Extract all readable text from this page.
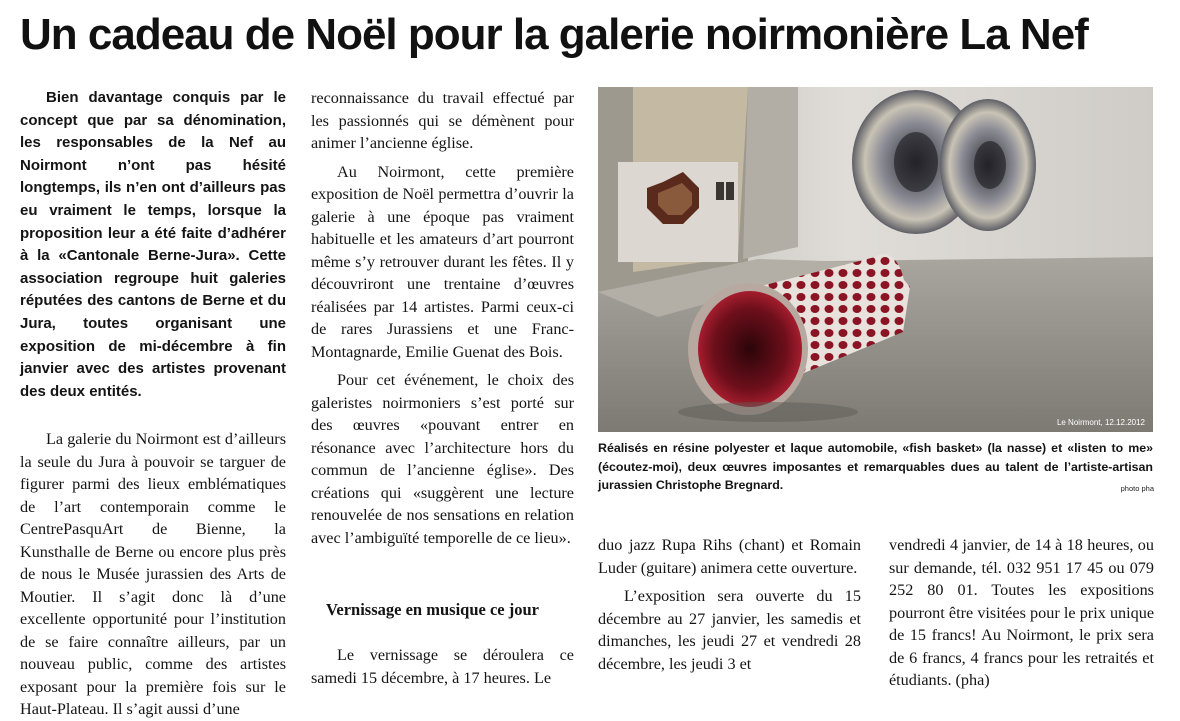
Un cadeau de Noël pour la galerie noirmonière La Nef

Bien davantage conquis par le concept que par sa dénomination, les responsables de la Nef au Noirmont n’ont pas hésité longtemps, ils n’en ont d’ailleurs pas eu vraiment le temps, lorsque la proposition leur a été faite d’adhérer à la «Cantonale Berne-Jura». Cette association regroupe huit galeries réputées des cantons de Berne et du Jura, toutes organisant une exposition de mi-décembre à fin janvier avec des artistes provenant des deux entités.

La galerie du Noirmont est d’ailleurs la seule du Jura à pouvoir se targuer de figurer parmi des lieux emblématiques de l’art contemporain comme le CentrePasquArt de Bienne, la Kunsthalle de Berne ou encore plus près de nous le Musée jurassien des Arts de Moutier. Il s’agit donc là d’une excellente opportunité pour l’institution de se faire connaître ailleurs, par un nouveau public, comme des artistes exposant pour la première fois sur le Haut-Plateau. Il s’agit aussi d’une

reconnaissance du travail effectué par les passionnés qui se démènent pour animer l’ancienne église.

Au Noirmont, cette première exposition de Noël permettra d’ouvrir la galerie à une époque pas vraiment habituelle et les amateurs d’art pourront même s’y retrouver durant les fêtes. Il y découvriront une trentaine d’œuvres réalisées par 14 artistes. Parmi ceux-ci de rares Jurassiens et une Franc-Montagnarde, Emilie Guenat des Bois.

Pour cet événement, le choix des galeristes noirmoniers s’est porté sur des œuvres «pouvant entrer en résonance avec l’architecture hors du commun de l’ancienne église». Des créations qui «suggèrent une lecture renouvelée de nos sensations en relation avec l’ambiguïté temporelle de ce lieu».

Vernissage en musique ce jour

Le vernissage se déroulera ce samedi 15 décembre, à 17 heures. Le

Le Noirmont, 12.12.2012

Réalisés en résine polyester et laque automobile, «fish basket» (la nasse) et «listen to me» (écoutez-moi), deux œuvres imposantes et remarquables dues au talent de l’artiste-artisan jurassien Christophe Bregnard.	photo pha

duo jazz Rupa Rihs (chant) et Romain Luder (guitare) animera cette ouverture.

L’exposition sera ouverte du 15 décembre au 27 janvier, les samedis et dimanches, les jeudi 27 et vendredi 28 décembre, les jeudi 3 et

vendredi 4 janvier, de 14 à 18 heures, ou sur demande, tél. 032 951 17 45 ou 079 252 80 01. Toutes les expositions pourront être visitées pour le prix unique de 15 francs! Au Noirmont, le prix sera de 6 francs, 4 francs pour les retraités et étudiants. (pha)
